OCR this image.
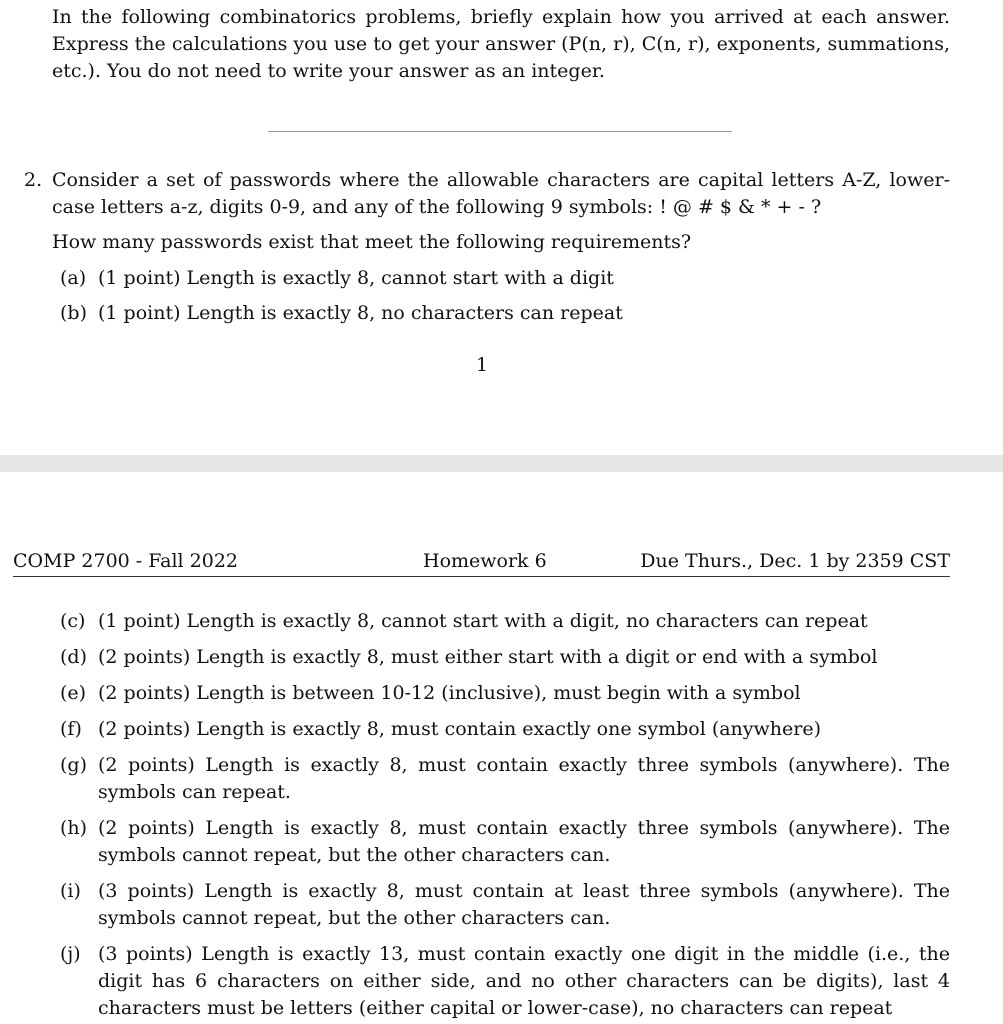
In the following combinatorics problems, briefly explain how you arrived at each answer. Express the calculations you use to get your answer (P(n, r), C(n, r), exponents, summations, etc.). You do not need to write your answer as an integer.

2. Consider a set of passwords where the allowable characters are capital letters A-Z, lower-case letters a-z, digits 0-9, and any of the following 9 symbols: ! @ # $ & * + - ?
How many passwords exist that meet the following requirements?
(a) (1 point) Length is exactly 8, cannot start with a digit
(b) (1 point) Length is exactly 8, no characters can repeat
1
COMP 2700 - Fall 2022	Homework 6	Due Thurs., Dec. 1 by 2359 CST
(c) (1 point) Length is exactly 8, cannot start with a digit, no characters can repeat
(d) (2 points) Length is exactly 8, must either start with a digit or end with a symbol
(e) (2 points) Length is between 10-12 (inclusive), must begin with a symbol
(f) (2 points) Length is exactly 8, must contain exactly one symbol (anywhere)
(g) (2 points) Length is exactly 8, must contain exactly three symbols (anywhere). The symbols can repeat.
(h) (2 points) Length is exactly 8, must contain exactly three symbols (anywhere). The symbols cannot repeat, but the other characters can.
(i) (3 points) Length is exactly 8, must contain at least three symbols (anywhere). The symbols cannot repeat, but the other characters can.
(j) (3 points) Length is exactly 13, must contain exactly one digit in the middle (i.e., the digit has 6 characters on either side, and no other characters can be digits), last 4 characters must be letters (either capital or lower-case), no characters can repeat
